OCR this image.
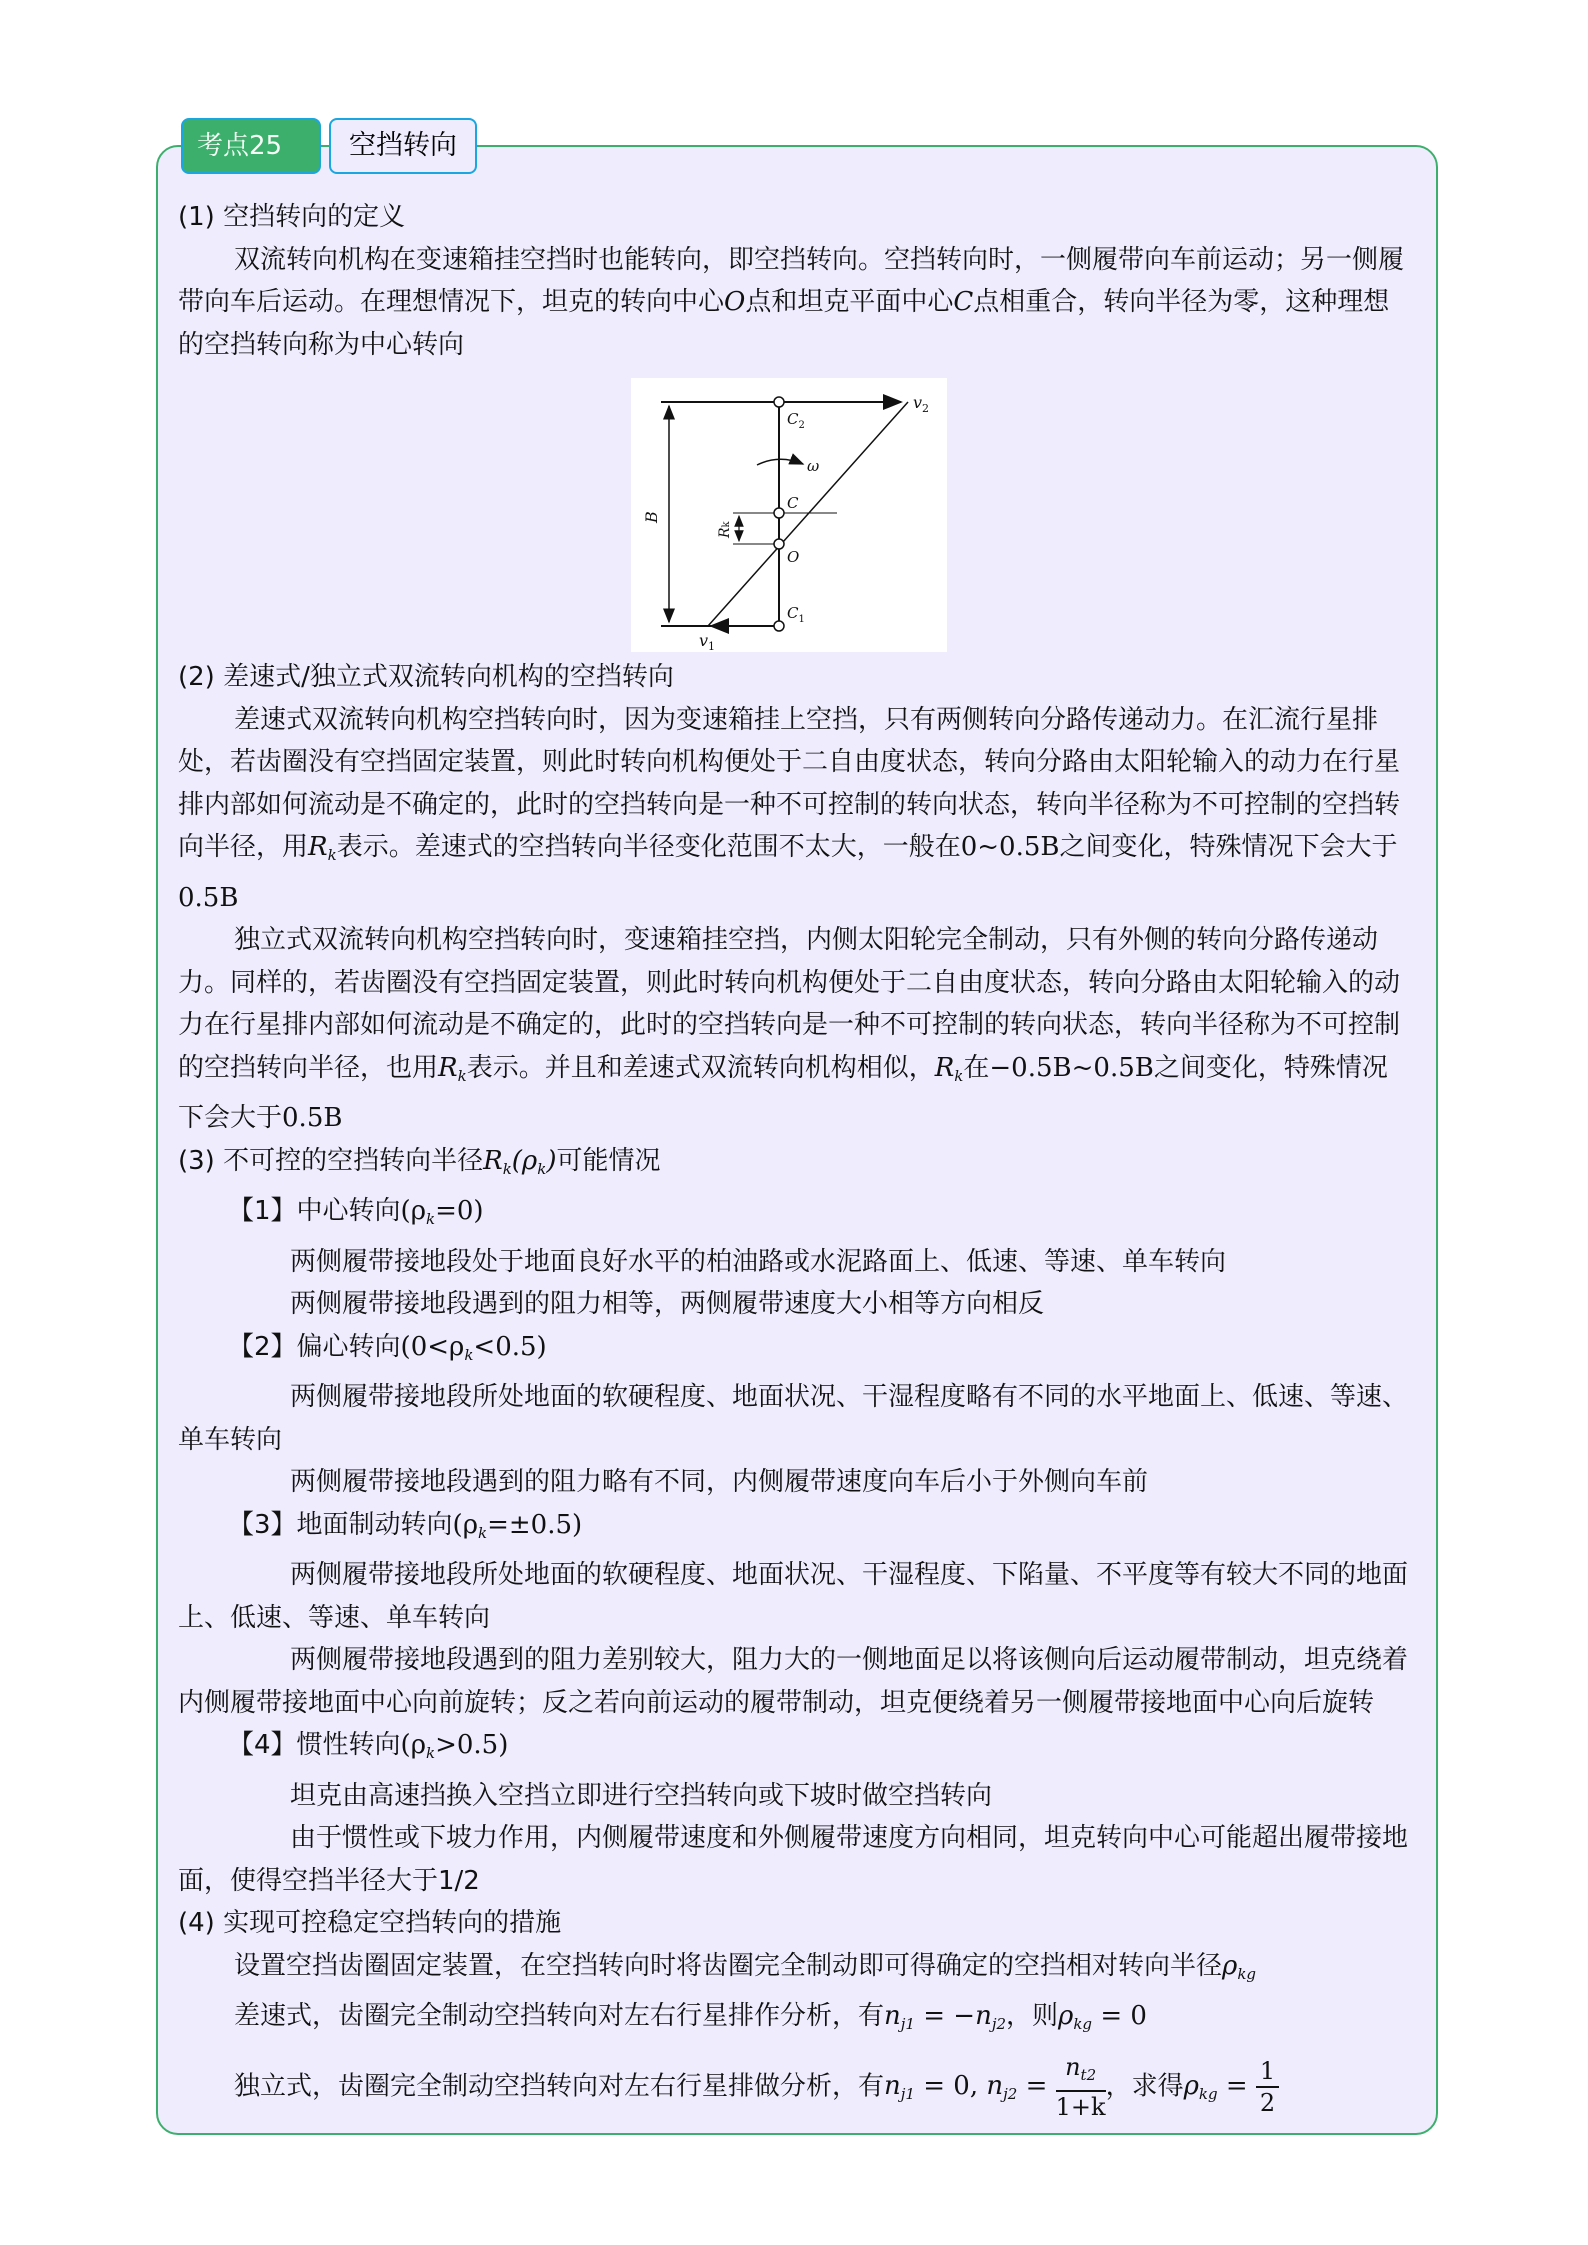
考点25	空挡转向

(1) 空挡转向的定义

双流转向机构在变速箱挂空挡时也能转向，即空挡转向。空挡转向时，一侧履带向车前运动；另一侧履带向车后运动。在理想情况下，坦克的转向中心O点和坦克平面中心C点相重合，转向半径为零，这种理想的空挡转向称为中心转向

$v_2$
$C_2$
ω
C
O
$C_1$
$v_1$
B
Rk

(2) 差速式/独立式双流转向机构的空挡转向

差速式双流转向机构空挡转向时，因为变速箱挂上空挡，只有两侧转向分路传递动力。在汇流行星排处，若齿圈没有空挡固定装置，则此时转向机构便处于二自由度状态，转向分路由太阳轮输入的动力在行星排内部如何流动是不确定的，此时的空挡转向是一种不可控制的转向状态，转向半径称为不可控制的空挡转向半径，用$R_k$表示。差速式的空挡转向半径变化范围不太大，一般在0~0.5B之间变化，特殊情况下会大于0.5B

独立式双流转向机构空挡转向时，变速箱挂空挡，内侧太阳轮完全制动，只有外侧的转向分路传递动力。同样的，若齿圈没有空挡固定装置，则此时转向机构便处于二自由度状态，转向分路由太阳轮输入的动力在行星排内部如何流动是不确定的，此时的空挡转向是一种不可控制的转向状态，转向半径称为不可控制的空挡转向半径，也用$R_k$表示。并且和差速式双流转向机构相似，$R_k$在−0.5B~0.5B之间变化，特殊情况下会大于0.5B

(3) 不可控的空挡转向半径$R_k(\rho_k)$可能情况

【1】中心转向$(\rho_k=0)$

两侧履带接地段处于地面良好水平的柏油路或水泥路面上、低速、等速、单车转向

两侧履带接地段遇到的阻力相等，两侧履带速度大小相等方向相反

【2】偏心转向$(0<\rho_k<0.5)$

两侧履带接地段所处地面的软硬程度、地面状况、干湿程度略有不同的水平地面上、低速、等速、单车转向

两侧履带接地段遇到的阻力略有不同，内侧履带速度向车后小于外侧向车前

【3】地面制动转向$(\rho_k=\pm 0.5)$

两侧履带接地段所处地面的软硬程度、地面状况、干湿程度、下陷量、不平度等有较大不同的地面上、低速、等速、单车转向

两侧履带接地段遇到的阻力差别较大，阻力大的一侧地面足以将该侧向后运动履带制动，坦克绕着内侧履带接地面中心向前旋转；反之若向前运动的履带制动，坦克便绕着另一侧履带接地面中心向后旋转

【4】惯性转向$(\rho_k>0.5)$

坦克由高速挡换入空挡立即进行空挡转向或下坡时做空挡转向

由于惯性或下坡力作用，内侧履带速度和外侧履带速度方向相同，坦克转向中心可能超出履带接地面，使得空挡半径大于1/2

(4) 实现可控稳定空挡转向的措施

设置空挡齿圈固定装置，在空挡转向时将齿圈完全制动即可得确定的空挡相对转向半径$\rho_{kg}$

差速式，齿圈完全制动空挡转向对左右行星排作分析，有$n_{j1} = -n_{j2}$，则$\rho_{kg} = 0$

独立式，齿圈完全制动空挡转向对左右行星排做分析，有$n_{j1} = 0$, $n_{j2} = \frac{n_{t2}}{1+k}$ ，求得$\rho_{kg} = \frac{1}{2}$
